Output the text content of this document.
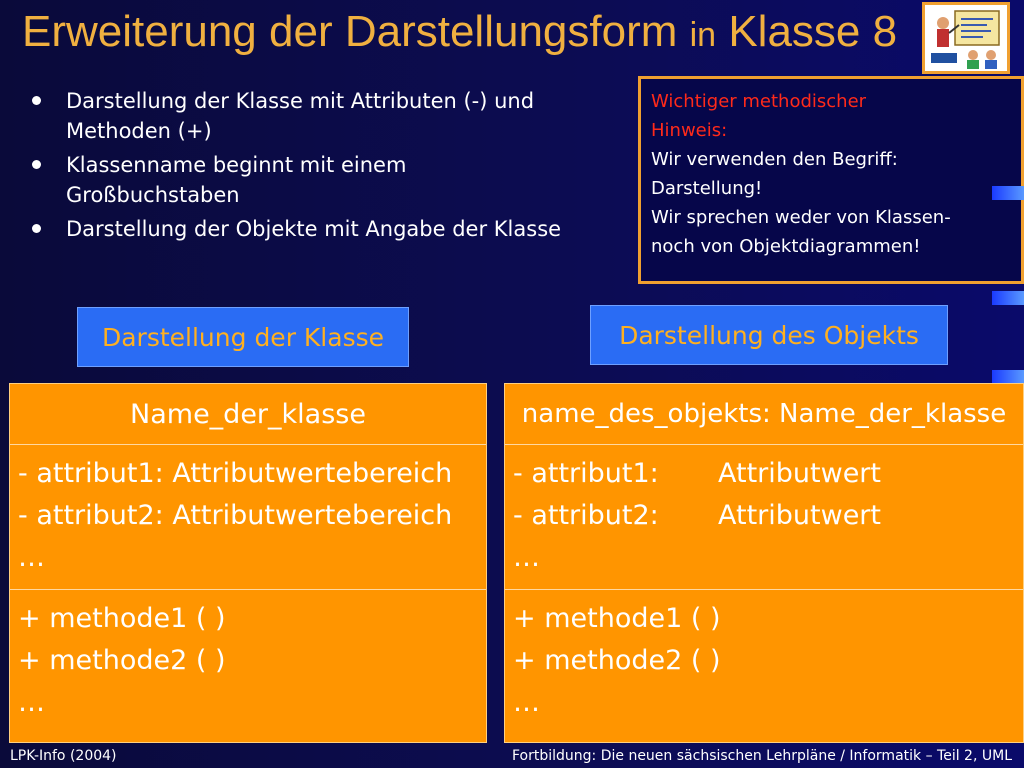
Erweiterung der Darstellungsform in Klasse 8
Darstellung der Klasse mit Attributen (-) und Methoden (+)
Klassenname beginnt mit einem Großbuchstaben
Darstellung der Objekte mit Angabe der Klasse
Wichtiger methodischer
Hinweis:
Wir verwenden den Begriff:
Darstellung!
Wir sprechen weder von Klassen-
noch von Objektdiagrammen!
Darstellung der Klasse	Darstellung des Objekts
Name_der_klasse
- attribut1: Attributwertebereich
- attribut2: Attributwertebereich
…
+ methode1 ( )
+ methode2 ( )
…
name_des_objekts: Name_der_klasse
- attribut1:	Attributwert
- attribut2:	Attributwert
…
+ methode1 ( )
+ methode2 ( )
…
LPK-Info (2004)	Fortbildung: Die neuen sächsischen Lehrpläne / Informatik – Teil 2, UML
